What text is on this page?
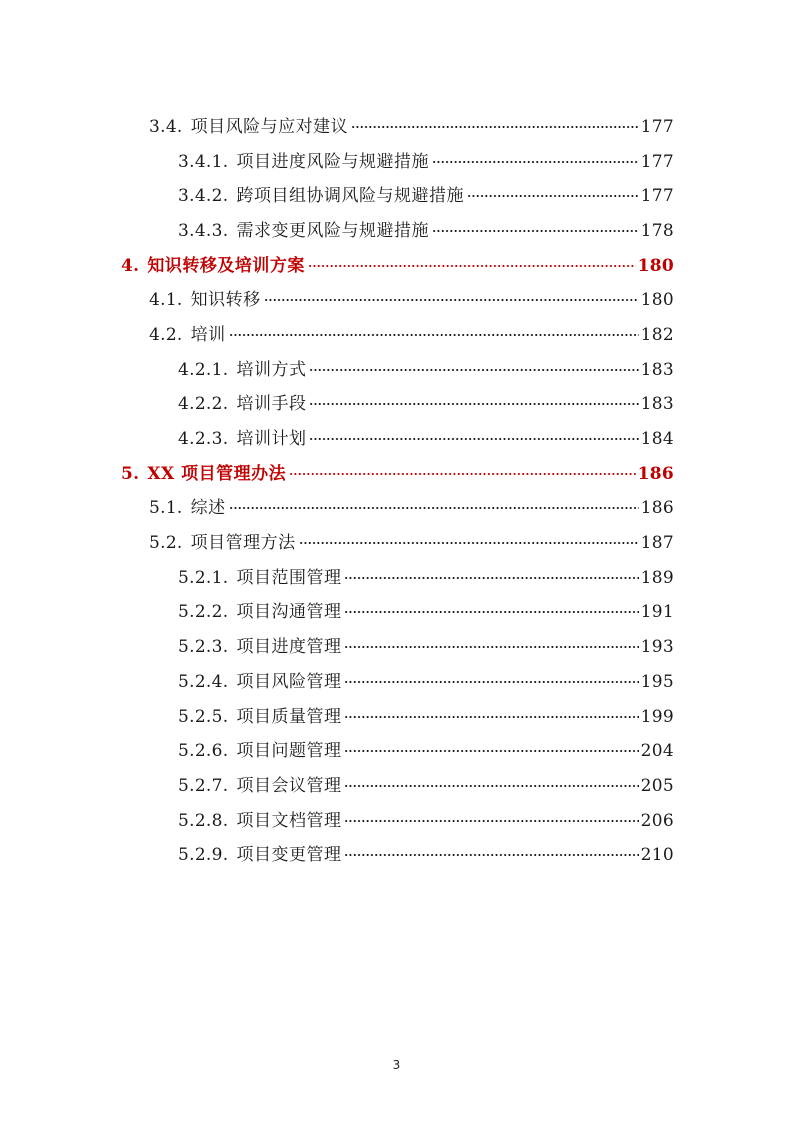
3.4. 项目风险与应对建议	177
3.4.1. 项目进度风险与规避措施	177
3.4.2. 跨项目组协调风险与规避措施	177
3.4.3. 需求变更风险与规避措施	178
4. 知识转移及培训方案	180
4.1. 知识转移	180
4.2. 培训	182
4.2.1. 培训方式	183
4.2.2. 培训手段	183
4.2.3. 培训计划	184
5. XX 项目管理办法	186
5.1. 综述	186
5.2. 项目管理方法	187
5.2.1. 项目范围管理	189
5.2.2. 项目沟通管理	191
5.2.3. 项目进度管理	193
5.2.4. 项目风险管理	195
5.2.5. 项目质量管理	199
5.2.6. 项目问题管理	204
5.2.7. 项目会议管理	205
5.2.8. 项目文档管理	206
5.2.9. 项目变更管理	210
3
